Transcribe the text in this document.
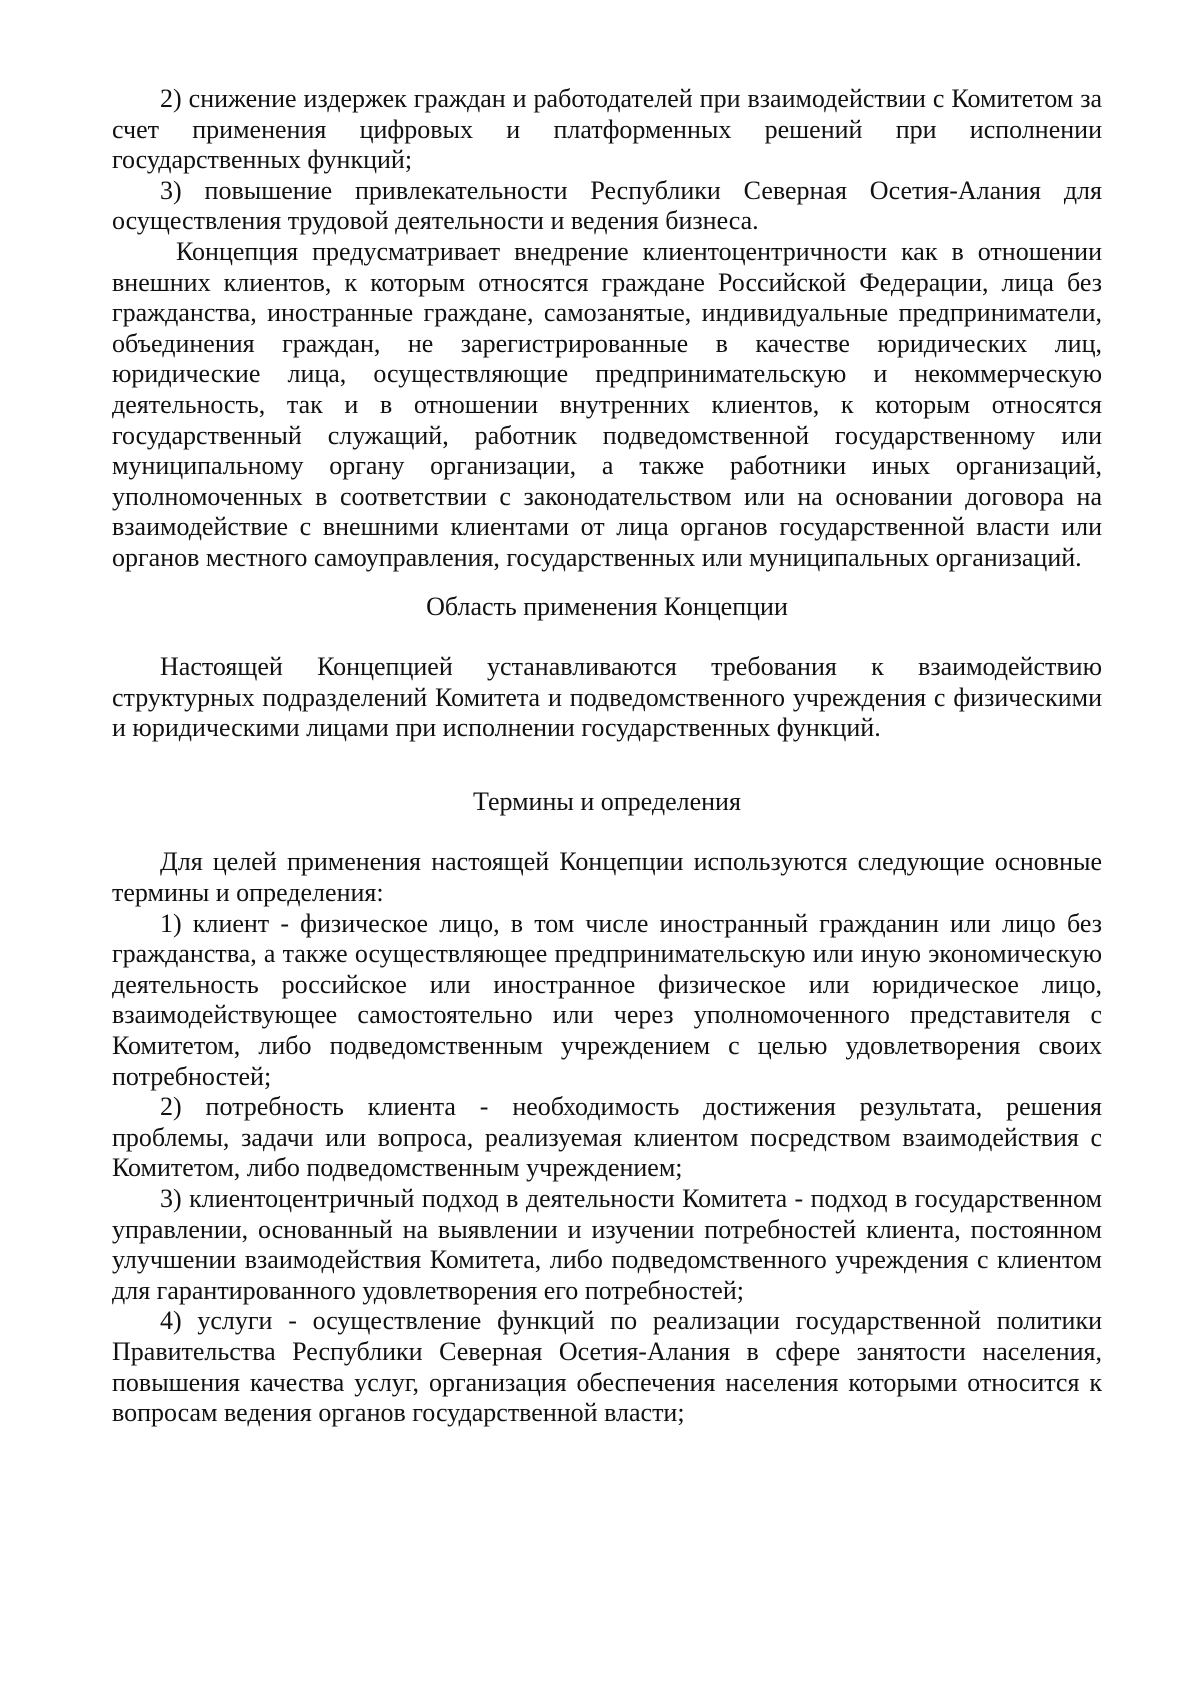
2) снижение издержек граждан и работодателей при взаимодействии с Комитетом за счет применения цифровых и платформенных решений при исполнении государственных функций;

3) повышение привлекательности Республики Северная Осетия-Алания для осуществления трудовой деятельности и ведения бизнеса.

Концепция предусматривает внедрение клиентоцентричности как в отношении внешних клиентов, к которым относятся граждане Российской Федерации, лица без гражданства, иностранные граждане, самозанятые, индивидуальные предприниматели, объединения граждан, не зарегистрированные в качестве юридических лиц, юридические лица, осуществляющие предпринимательскую и некоммерческую деятельность, так и в отношении внутренних клиентов, к которым относятся государственный служащий, работник подведомственной государственному или муниципальному органу организации, а также работники иных организаций, уполномоченных в соответствии с законодательством или на основании договора на взаимодействие с внешними клиентами от лица органов государственной власти или органов местного самоуправления, государственных или муниципальных организаций.

Область применения Концепции

Настоящей Концепцией устанавливаются требования к взаимодействию структурных подразделений Комитета и подведомственного учреждения с физическими и юридическими лицами при исполнении государственных функций.

Термины и определения

Для целей применения настоящей Концепции используются следующие основные термины и определения:

1) клиент - физическое лицо, в том числе иностранный гражданин или лицо без гражданства, а также осуществляющее предпринимательскую или иную экономическую деятельность российское или иностранное физическое или юридическое лицо, взаимодействующее самостоятельно или через уполномоченного представителя с Комитетом, либо подведомственным учреждением с целью удовлетворения своих потребностей;

2) потребность клиента - необходимость достижения результата, решения проблемы, задачи или вопроса, реализуемая клиентом посредством взаимодействия с Комитетом, либо подведомственным учреждением;

3) клиентоцентричный подход в деятельности Комитета - подход в государственном управлении, основанный на выявлении и изучении потребностей клиента, постоянном улучшении взаимодействия Комитета, либо подведомственного учреждения с клиентом для гарантированного удовлетворения его потребностей;

4) услуги - осуществление функций по реализации государственной политики Правительства Республики Северная Осетия-Алания в сфере занятости населения, повышения качества услуг, организация обеспечения населения которыми относится к вопросам ведения органов государственной власти;
